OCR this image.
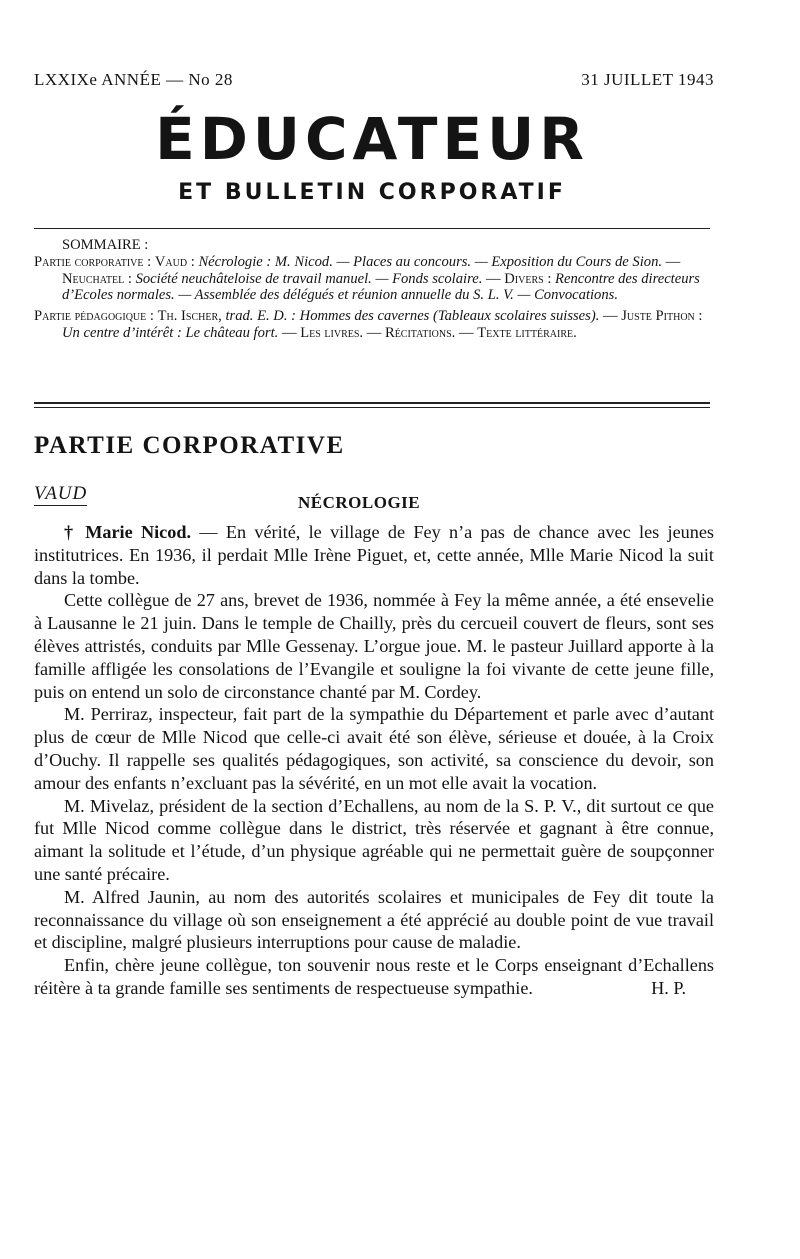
LXXIXe ANNÉE — No 28	31 JUILLET 1943
ÉDUCATEUR
ET BULLETIN CORPORATIF

SOMMAIRE :

Partie corporative : Vaud : Nécrologie : M. Nicod. — Places au concours. — Exposition du Cours de Sion. — Neuchatel : Société neuchâteloise de travail manuel. — Fonds scolaire. — Divers : Rencontre des directeurs d’Ecoles normales. — Assemblée des délégués et réunion annuelle du S. L. V. — Convocations.

Partie pédagogique : Th. Ischer, trad. E. D. : Hommes des cavernes (Tableaux scolaires suisses). — Juste Pithon : Un centre d’intérêt : Le château fort. — Les livres. — Récitations. — Texte littéraire.

PARTIE CORPORATIVE
VAUD	NÉCROLOGIE

† Marie Nicod. — En vérité, le village de Fey n’a pas de chance avec les jeunes institutrices. En 1936, il perdait Mlle Irène Piguet, et, cette année, Mlle Marie Nicod la suit dans la tombe.

Cette collègue de 27 ans, brevet de 1936, nommée à Fey la même année, a été ensevelie à Lausanne le 21 juin. Dans le temple de Chailly, près du cercueil couvert de fleurs, sont ses élèves attristés, conduits par Mlle Gessenay. L’orgue joue. M. le pasteur Juillard apporte à la famille affligée les consolations de l’Evangile et souligne la foi vivante de cette jeune fille, puis on entend un solo de circonstance chanté par M. Cordey.

M. Perriraz, inspecteur, fait part de la sympathie du Département et parle avec d’autant plus de cœur de Mlle Nicod que celle-ci avait été son élève, sérieuse et douée, à la Croix d’Ouchy. Il rappelle ses qualités pédagogiques, son activité, sa conscience du devoir, son amour des enfants n’excluant pas la sévérité, en un mot elle avait la vocation.

M. Mivelaz, président de la section d’Echallens, au nom de la S. P. V., dit surtout ce que fut Mlle Nicod comme collègue dans le district, très réservée et gagnant à être connue, aimant la solitude et l’étude, d’un physique agréable qui ne permettait guère de soupçonner une santé précaire.

M. Alfred Jaunin, au nom des autorités scolaires et municipales de Fey dit toute la reconnaissance du village où son enseignement a été apprécié au double point de vue travail et discipline, malgré plusieurs interruptions pour cause de maladie.

Enfin, chère jeune collègue, ton souvenir nous reste et le Corps enseignant d’Echallens réitère à ta grande famille ses sentiments de respectueuse sympathie.	H. P.
